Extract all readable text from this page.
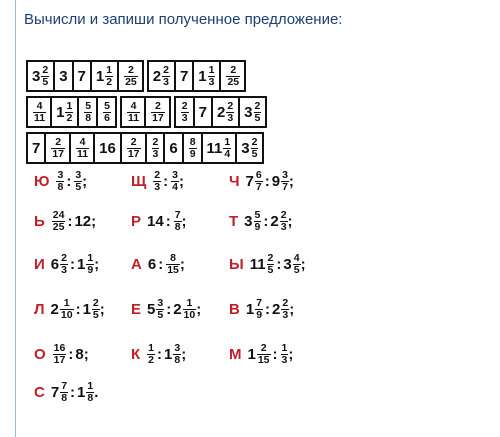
Вычисли и запиши полученное предложение:
$3 \frac{2}{5} 3$ 7 $1 \frac{1}{2} \frac{2}{25} 2 \frac{2}{3} 7$ $1 \frac{1}{3} \frac{2}{25}$
$\frac{4}{11} 1 \frac{1}{2} \frac{5}{8} \frac{5}{6} \frac{4}{11} \frac{2}{17} \frac{2}{3} 7$ $2 \frac{2}{3} 3 \frac{2}{5}$
$7 \frac{2}{17} \frac{4}{11} 16 \frac{2}{17} \frac{2}{3} 6 \frac{8}{9} 11 \frac{1}{4} 3 \frac{2}{5}$
Ю $\frac{3}{8}$ : $\frac{3}{5}$ ;	Щ $\frac{2}{3}$ : $\frac{3}{4}$ ;	Ч $7 \frac{6}{7}$ : $9 \frac{3}{7}$ ;
Ь $\frac{24}{25}$ : 12 ; Р 14 : $\frac{7}{8}$ ;	Т $3 \frac{5}{9}$ : $2 \frac{2}{3}$ ;
И $6 \frac{2}{3}$ : $1 \frac{1}{9}$ ; А 6 : $\frac{8}{15}$ ;	Ы $11 \frac{2}{5}$ : $3 \frac{4}{5}$ ;
Л $2 \frac{1}{10}$ : $1 \frac{2}{5}$ ; Е $5 \frac{3}{5}$ : $2 \frac{1}{10}$ ; В $1 \frac{7}{9}$ : $2 \frac{2}{3}$ ;
О $\frac{16}{17}$ : 8 ;	К $\frac{1}{2}$ : $1 \frac{3}{8}$ ;	М $1 \frac{2}{15}$ : $\frac{1}{3}$ ;
С $7 \frac{7}{8}$ : $1 \frac{1}{8}$ .
